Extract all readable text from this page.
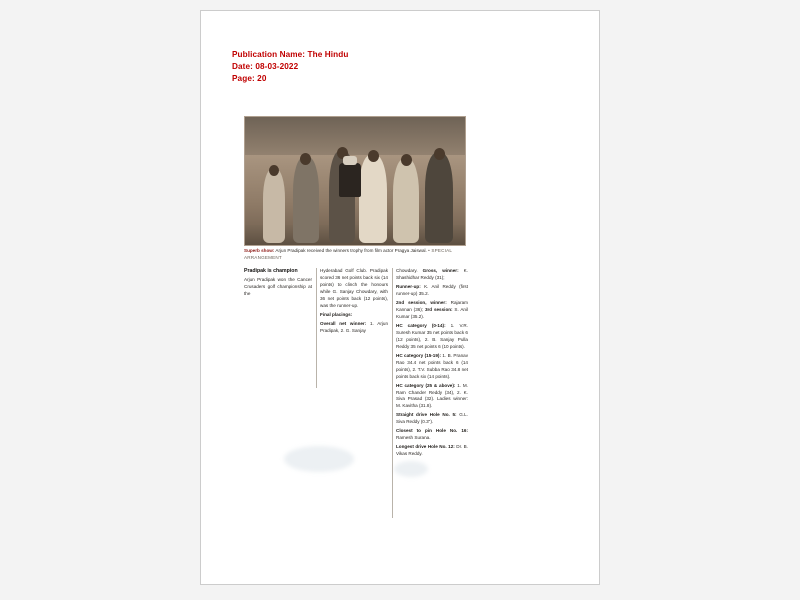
Publication Name: The Hindu
Date: 08-03-2022
Page: 20
Superb show: Arjun Pradipak received the winners trophy from film actor Pragya Jaiswal. • SPECIAL ARRANGEMENT
Pradipak is champion

Arjun Pradipak won the Cancer Crusaders golf championship at the

Hyderabad Golf Club. Pradipak scored 36 net points back six (14 points) to clinch the honours while G. Sanjay Chowdary, with 36 net points back (12 points), was the runner-up.

Final placings:

Overall net winner: 1. Arjun Pradipak, 2. G. Sanjay

Chowdary. Gross, winner: K. Shashidhar Reddy (31);

Runner-up: K. Anil Reddy (first runner-up) 35.2.

2nd session, winner: Rajaram Kannan (36); 3rd session: S. Anil Kumar (35.2).

HC category (0-14): 1. V.R. Suresh Kumar 35 net points back 6 (12 points), 2. B. Sanjay Pulla Reddy 35 net points 6 (10 points).

HC category (15-19): 1. B. Pranav Rao 34.4 net points back 6 (14 points), 2. T.V. Subba Rao 34.8 net points back six (14 points).

HC category (25 & above): 1. M. Ram Chander Reddy (34), 2. K. Siva Prasad (32). Ladies winner: M. Kavitha (31.8).

Straight drive Hole No. 5: G.L. Siva Reddy (0.3").

Closest to pin Hole No. 16: Ramesh Surana.

Longest drive Hole No. 12: Dr. B. Vikas Reddy.
